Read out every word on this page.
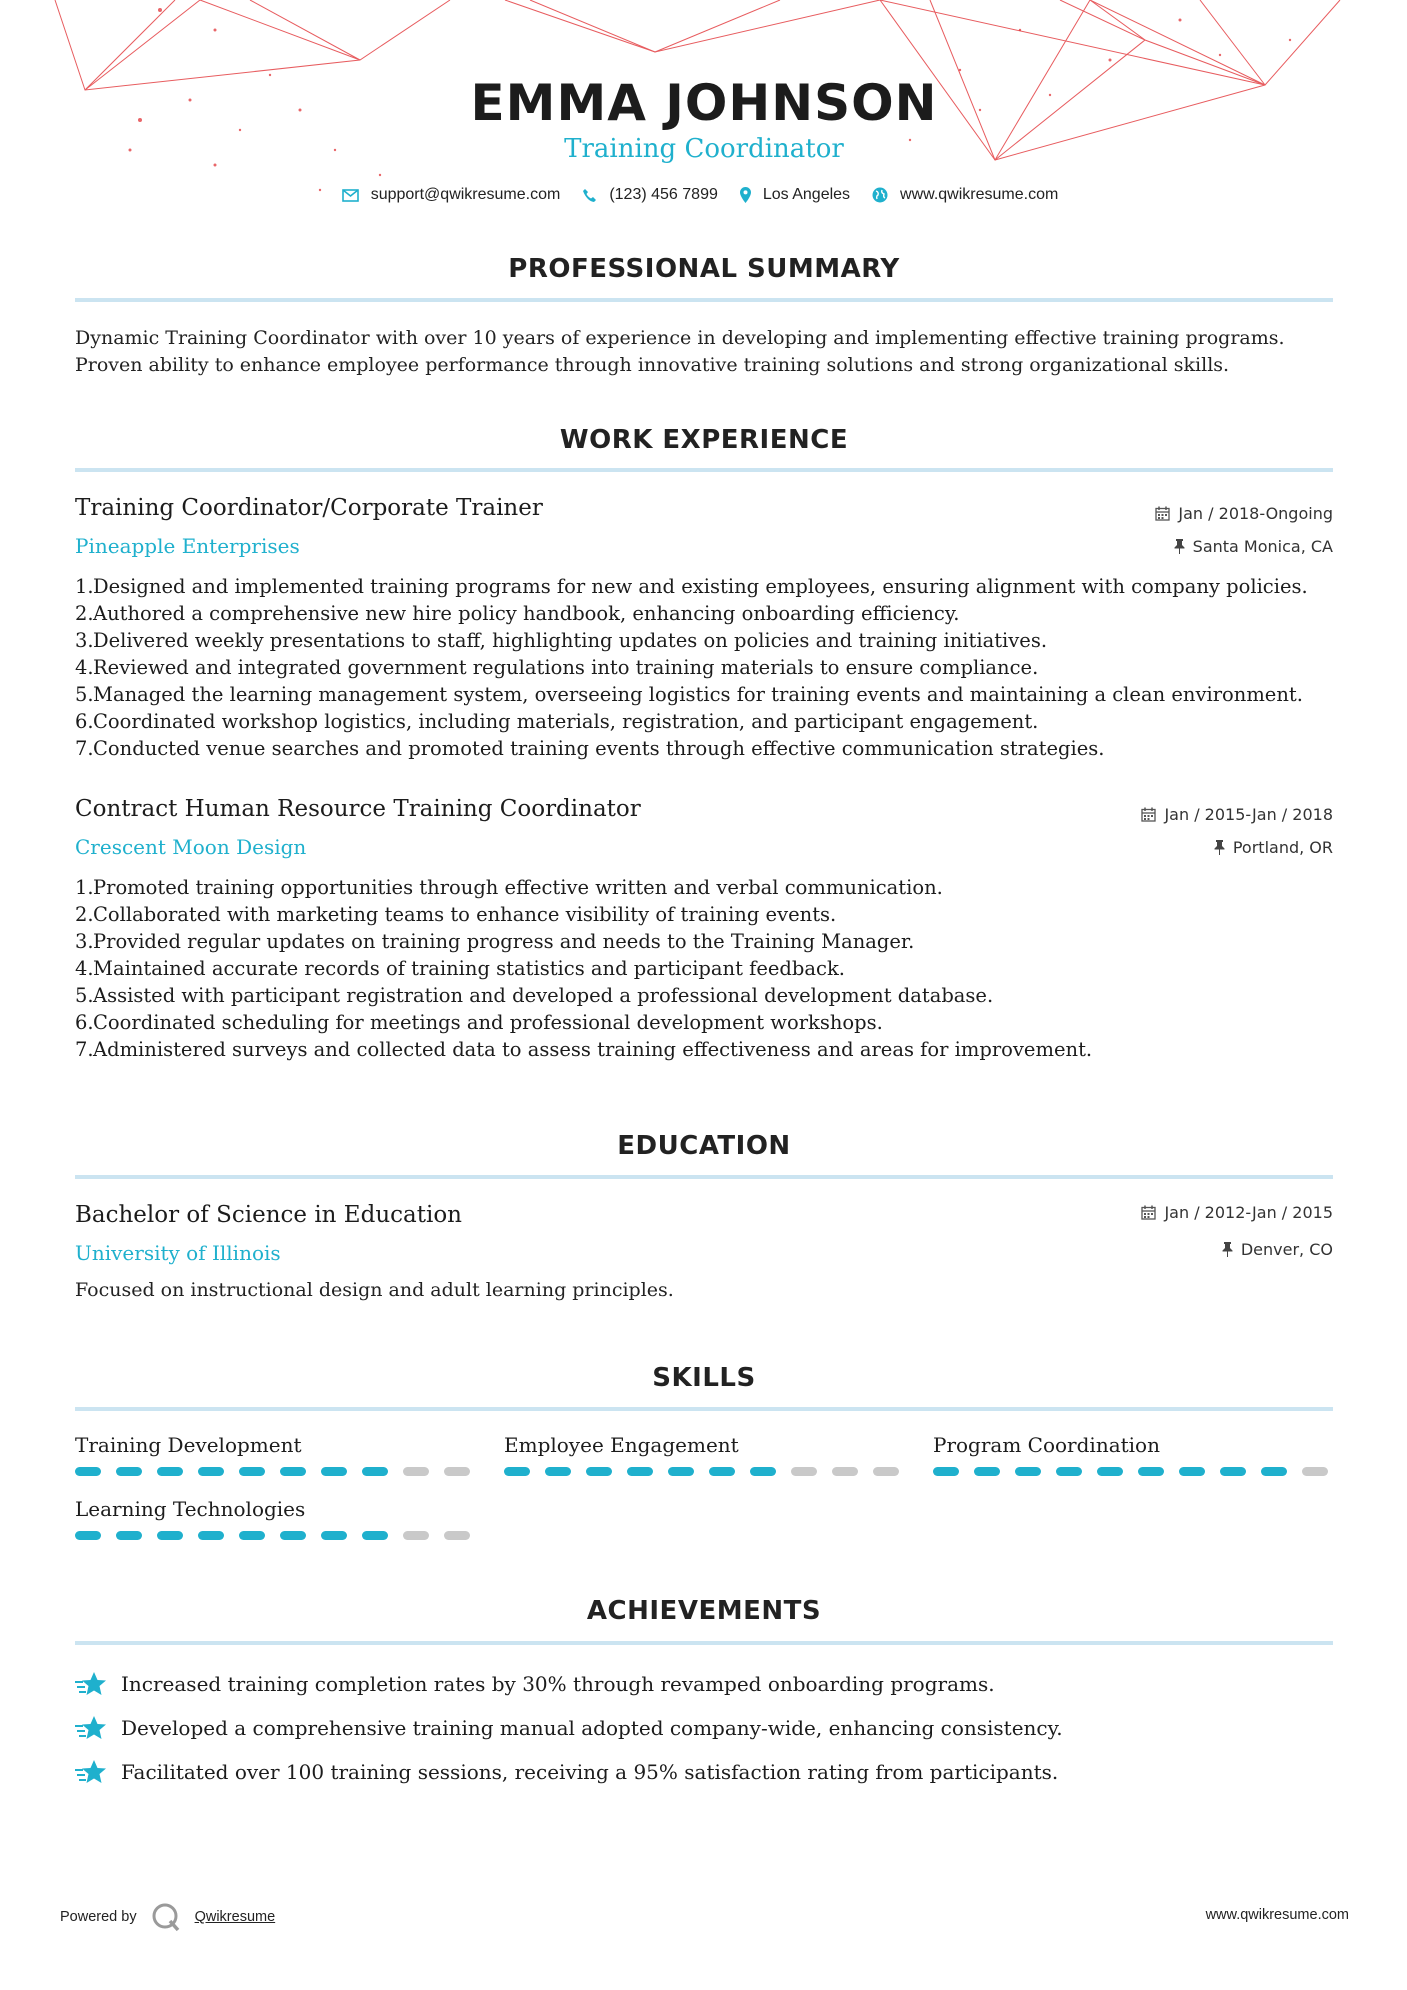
EMMA JOHNSON
Training Coordinator
support@qwikresume.com	(123) 456 7899	Los Angeles	www.qwikresume.com
PROFESSIONAL SUMMARY
Dynamic Training Coordinator with over 10 years of experience in developing and implementing effective training programs. Proven ability to enhance employee performance through innovative training solutions and strong organizational skills.
WORK EXPERIENCE
Training Coordinator/Corporate Trainer	Jan / 2018-Ongoing
Pineapple Enterprises	Santa Monica, CA
Designed and implemented training programs for new and existing employees, ensuring alignment with company policies.
Authored a comprehensive new hire policy handbook, enhancing onboarding efficiency.
Delivered weekly presentations to staff, highlighting updates on policies and training initiatives.
Reviewed and integrated government regulations into training materials to ensure compliance.
Managed the learning management system, overseeing logistics for training events and maintaining a clean environment.
Coordinated workshop logistics, including materials, registration, and participant engagement.
Conducted venue searches and promoted training events through effective communication strategies.
Contract Human Resource Training Coordinator	Jan / 2015-Jan / 2018
Crescent Moon Design	Portland, OR
Promoted training opportunities through effective written and verbal communication.
Collaborated with marketing teams to enhance visibility of training events.
Provided regular updates on training progress and needs to the Training Manager.
Maintained accurate records of training statistics and participant feedback.
Assisted with participant registration and developed a professional development database.
Coordinated scheduling for meetings and professional development workshops.
Administered surveys and collected data to assess training effectiveness and areas for improvement.
EDUCATION
Bachelor of Science in Education	Jan / 2012-Jan / 2015
University of Illinois	Denver, CO
Focused on instructional design and adult learning principles.
SKILLS
Training Development	Employee Engagement	Program Coordination
Learning Technologies
ACHIEVEMENTS
Increased training completion rates by 30% through revamped onboarding programs.
Developed a comprehensive training manual adopted company-wide, enhancing consistency.
Facilitated over 100 training sessions, receiving a 95% satisfaction rating from participants.
Powered by	Qwikresume	www.qwikresume.com
